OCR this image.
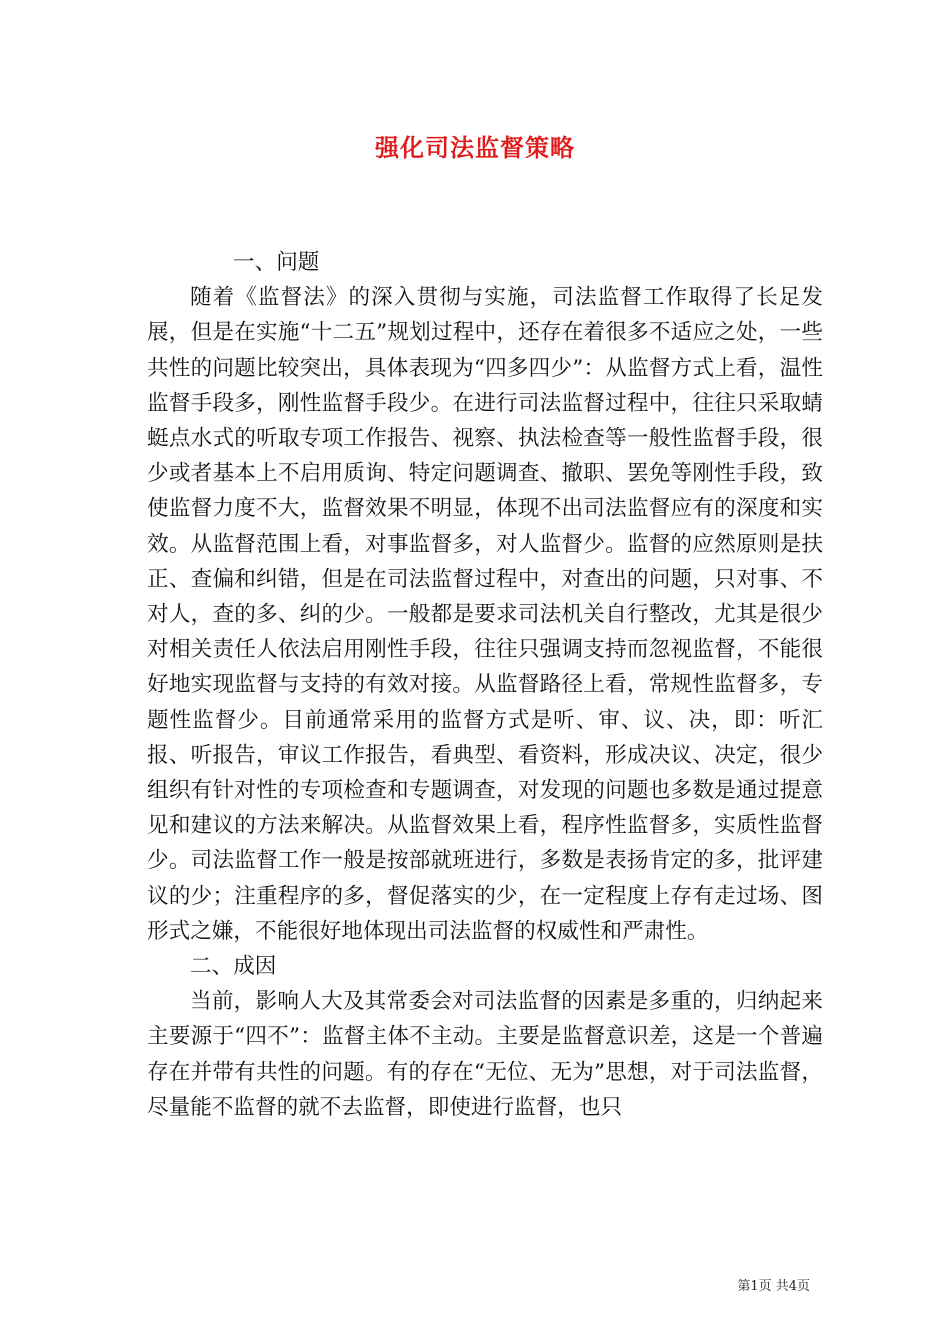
强化司法监督策略

一、问题

随着《监督法》的深入贯彻与实施，司法监督工作取得了长足发展，但是在实施“十二五”规划过程中，还存在着很多不适应之处，一些共性的问题比较突出，具体表现为“四多四少”：从监督方式上看，温性监督手段多，刚性监督手段少。在进行司法监督过程中，往往只采取蜻蜓点水式的听取专项工作报告、视察、执法检查等一般性监督手段，很少或者基本上不启用质询、特定问题调查、撤职、罢免等刚性手段，致使监督力度不大，监督效果不明显，体现不出司法监督应有的深度和实效。从监督范围上看，对事监督多，对人监督少。监督的应然原则是扶正、查偏和纠错，但是在司法监督过程中，对查出的问题，只对事、不对人，查的多、纠的少。一般都是要求司法机关自行整改，尤其是很少对相关责任人依法启用刚性手段，往往只强调支持而忽视监督，不能很好地实现监督与支持的有效对接。从监督路径上看，常规性监督多，专题性监督少。目前通常采用的监督方式是听、审、议、决，即：听汇报、听报告，审议工作报告，看典型、看资料，形成决议、决定，很少组织有针对性的专项检查和专题调查，对发现的问题也多数是通过提意见和建议的方法来解决。从监督效果上看，程序性监督多，实质性监督少。司法监督工作一般是按部就班进行，多数是表扬肯定的多，批评建议的少；注重程序的多，督促落实的少，在一定程度上存有走过场、图形式之嫌，不能很好地体现出司法监督的权威性和严肃性。

二、成因

当前，影响人大及其常委会对司法监督的因素是多重的，归纳起来主要源于“四不”：监督主体不主动。主要是监督意识差，这是一个普遍存在并带有共性的问题。有的存在“无位、无为”思想，对于司法监督，尽量能不监督的就不去监督，即使进行监督，也只

第1页 共4页
